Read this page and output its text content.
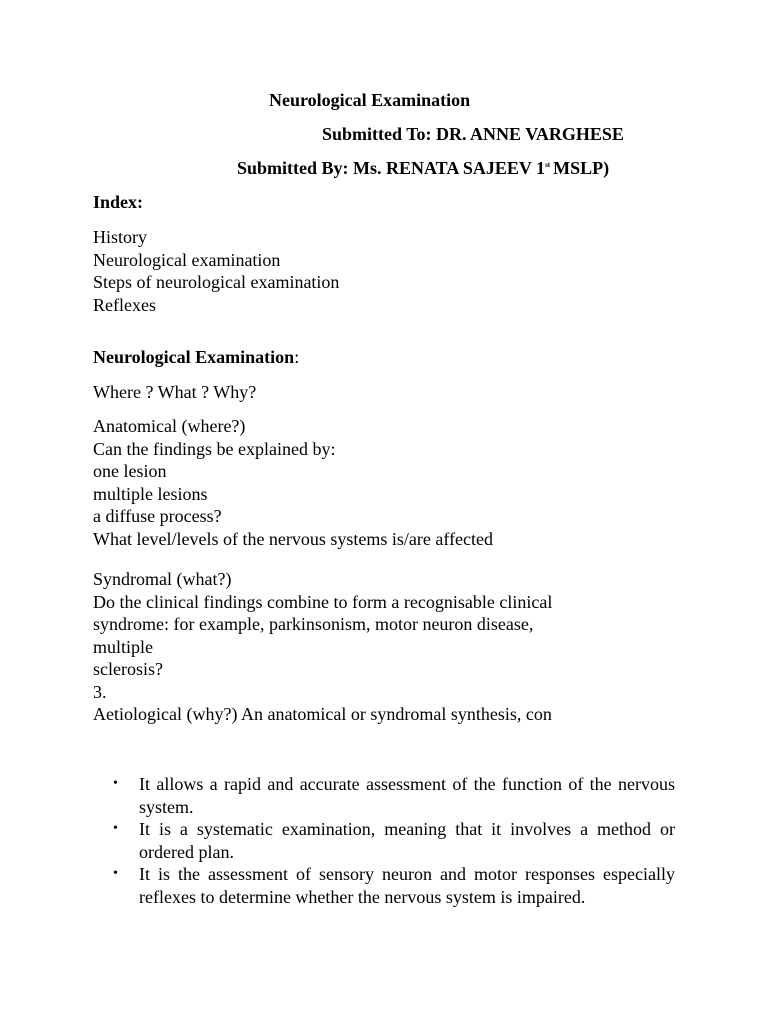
Neurological Examination
Submitted To: DR. ANNE VARGHESE
Submitted By: Ms. RENATA SAJEEV 1st MSLP)
Index:
History
Neurological examination
Steps of neurological examination
Reflexes
Neurological Examination:
Where ? What ? Why?
Anatomical (where?)
Can the findings be explained by:
one lesion
multiple lesions
a diffuse process?
What level/levels of the nervous systems is/are affected
Syndromal (what?)
Do the clinical findings combine to form a recognisable clinical
syndrome: for example, parkinsonism, motor neuron disease,
multiple
sclerosis?
3.
Aetiological (why?) An anatomical or syndromal synthesis, con
• It allows a rapid and accurate assessment of the function of the nervous system.
• It is a systematic examination, meaning that it involves a method or ordered plan.
• It is the assessment of sensory neuron and motor responses especially reflexes to determine whether the nervous system is impaired.
